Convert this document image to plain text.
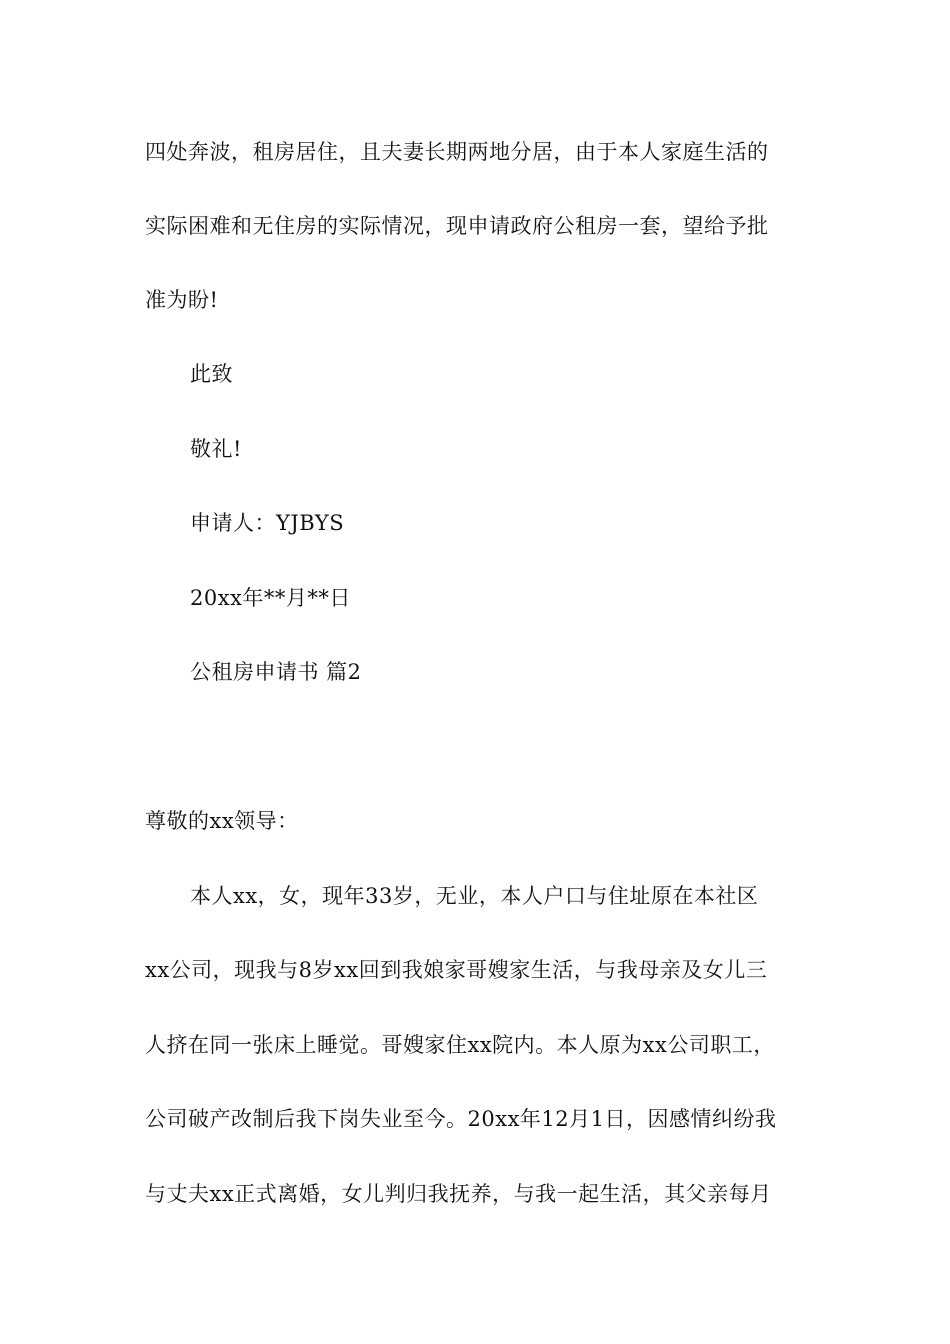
四处奔波，租房居住，且夫妻长期两地分居，由于本人家庭生活的

实际困难和无住房的实际情况，现申请政府公租房一套，望给予批

准为盼!

此致

敬礼!

申请人：YJBYS

20xx年**月**日

公租房申请书 篇2

尊敬的xx领导：

本人xx，女，现年33岁，无业，本人户口与住址原在本社区

xx公司，现我与8岁xx回到我娘家哥嫂家生活，与我母亲及女儿三

人挤在同一张床上睡觉。哥嫂家住xx院内。本人原为xx公司职工，

公司破产改制后我下岗失业至今。20xx年12月1日，因感情纠纷我

与丈夫xx正式离婚，女儿判归我抚养，与我一起生活，其父亲每月
